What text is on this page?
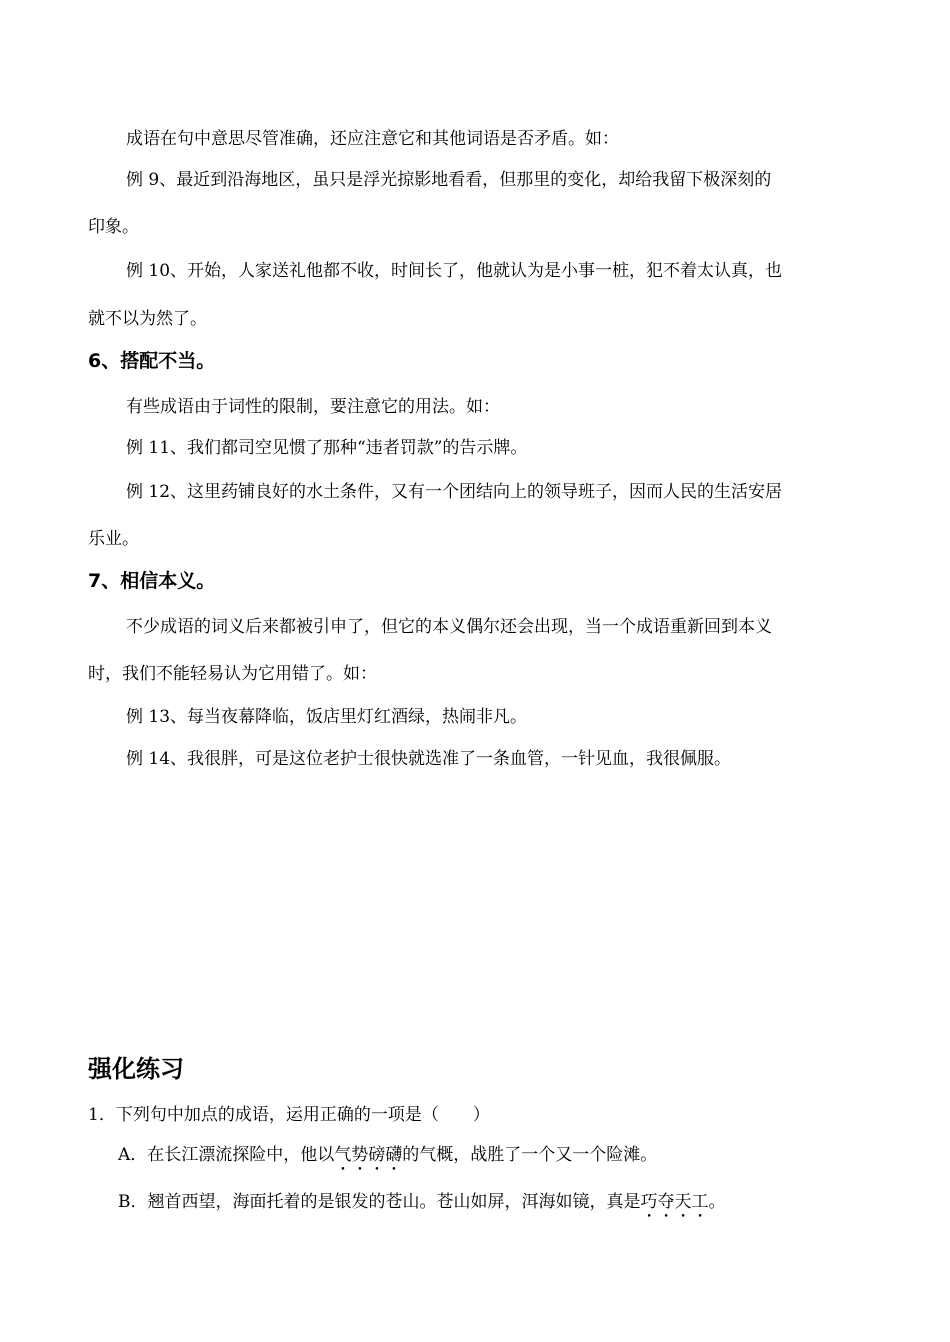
成语在句中意思尽管准确，还应注意它和其他词语是否矛盾。如：
例 9、最近到沿海地区，虽只是浮光掠影地看看，但那里的变化，却给我留下极深刻的
印象。
例 10、开始，人家送礼他都不收，时间长了，他就认为是小事一桩，犯不着太认真，也
就不以为然了。
6、搭配不当。
有些成语由于词性的限制，要注意它的用法。如：
例 11、我们都司空见惯了那种“违者罚款”的告示牌。
例 12、这里药铺良好的水土条件，又有一个团结向上的领导班子，因而人民的生活安居
乐业。
7、相信本义。
不少成语的词义后来都被引申了，但它的本义偶尔还会出现，当一个成语重新回到本义
时，我们不能轻易认为它用错了。如：
例 13、每当夜幕降临，饭店里灯红酒绿，热闹非凡。
例 14、我很胖，可是这位老护士很快就选准了一条血管，一针见血，我很佩服。
强化练习
1．下列句中加点的成语，运用正确的一项是（　　）
A．在长江漂流探险中，他以气势磅礴的气概，战胜了一个又一个险滩。
B．翘首西望，海面托着的是银发的苍山。苍山如屏，洱海如镜，真是巧夺天工。
